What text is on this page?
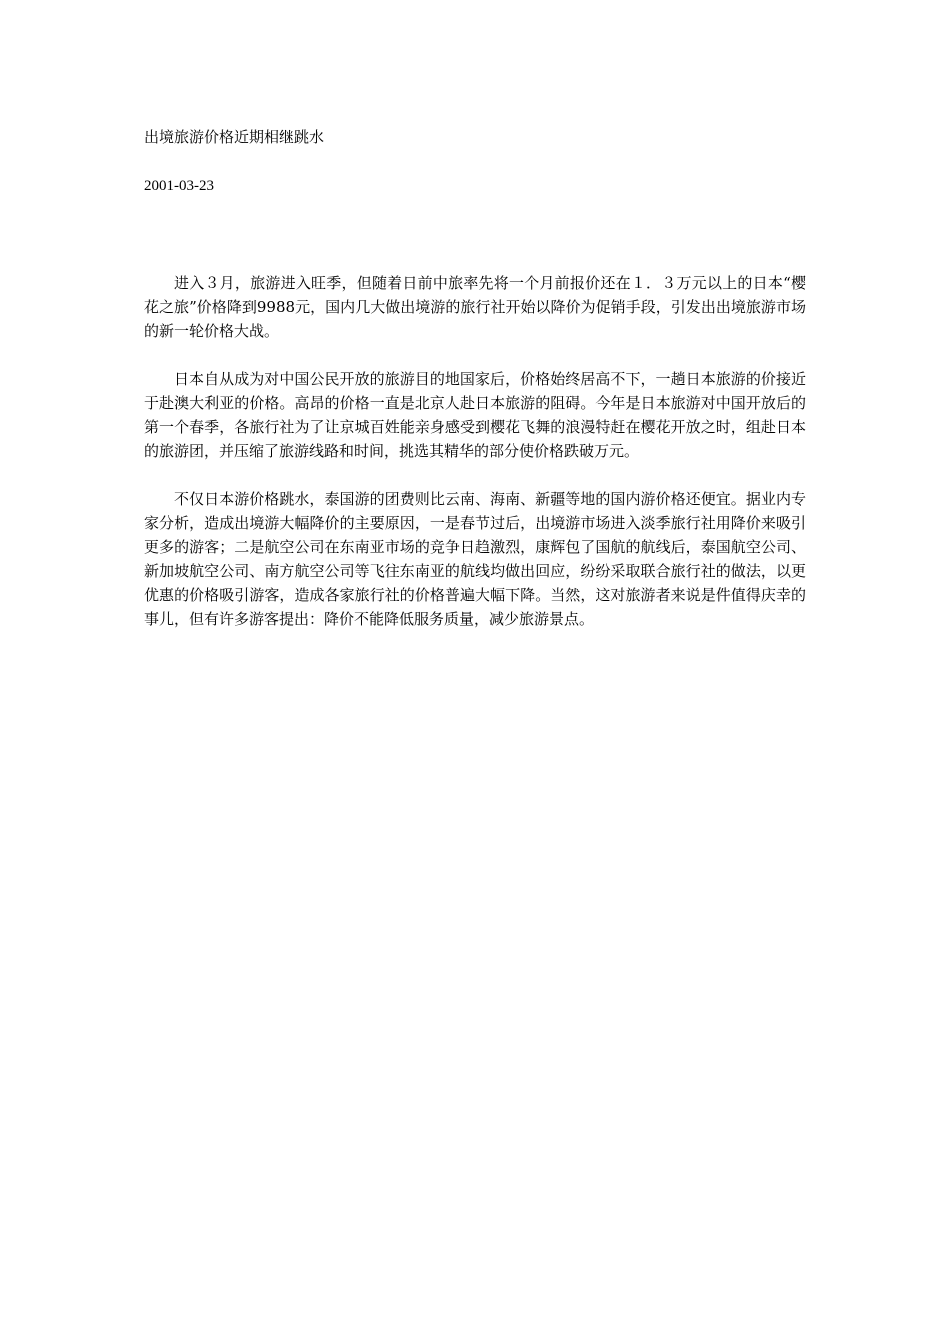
出境旅游价格近期相继跳水
2001-03-23

进入３月，旅游进入旺季，但随着日前中旅率先将一个月前报价还在１．３万元以上的日本“樱花之旅”价格降到9988元，国内几大做出境游的旅行社开始以降价为促销手段，引发出出境旅游市场的新一轮价格大战。

日本自从成为对中国公民开放的旅游目的地国家后，价格始终居高不下，一趟日本旅游的价接近于赴澳大利亚的价格。高昂的价格一直是北京人赴日本旅游的阻碍。今年是日本旅游对中国开放后的第一个春季，各旅行社为了让京城百姓能亲身感受到樱花飞舞的浪漫特赶在樱花开放之时，组赴日本的旅游团，并压缩了旅游线路和时间，挑选其精华的部分使价格跌破万元。

不仅日本游价格跳水，泰国游的团费则比云南、海南、新疆等地的国内游价格还便宜。据业内专家分析，造成出境游大幅降价的主要原因，一是春节过后，出境游市场进入淡季旅行社用降价来吸引更多的游客；二是航空公司在东南亚市场的竞争日趋激烈，康辉包了国航的航线后，泰国航空公司、新加坡航空公司、南方航空公司等飞往东南亚的航线均做出回应，纷纷采取联合旅行社的做法，以更优惠的价格吸引游客，造成各家旅行社的价格普遍大幅下降。当然，这对旅游者来说是件值得庆幸的事儿，但有许多游客提出：降价不能降低服务质量，减少旅游景点。
